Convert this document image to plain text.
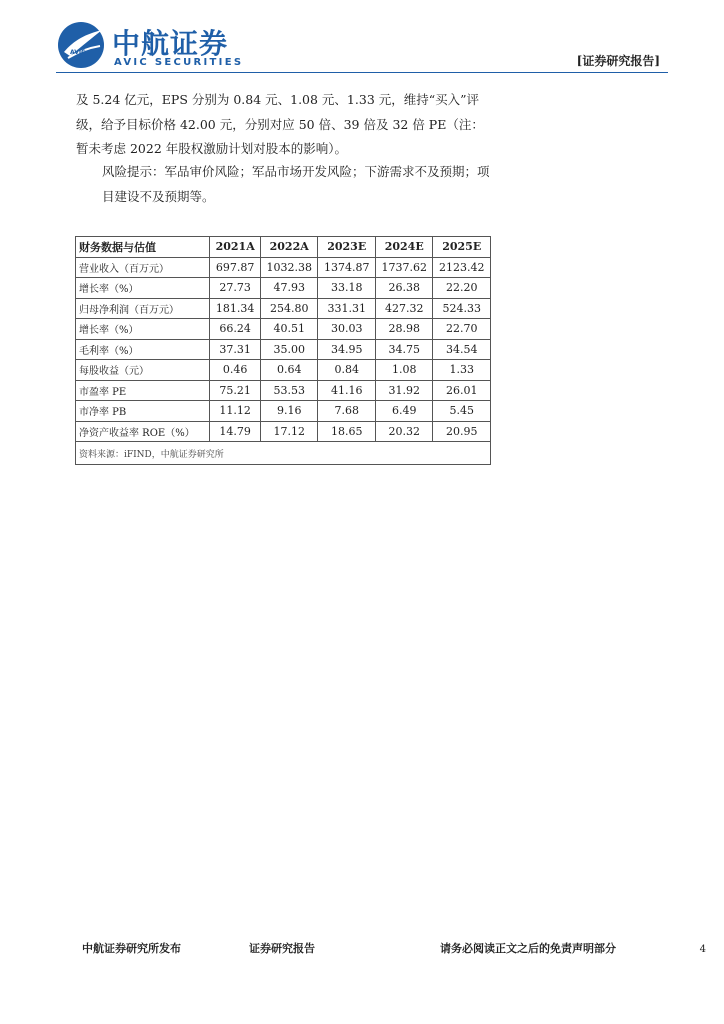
AVIC 中航证券
AVIC SECURITIES	[证券研究报告]
及 5.24 亿元，EPS 分别为 0.84 元、1.08 元、1.33 元，维持“买入”评级，给予目标价格 42.00 元，分别对应 50 倍、39 倍及 32 倍 PE（注：暂未考虑 2022 年股权激励计划对股本的影响）。
风险提示：军品审价风险；军品市场开发风险；下游需求不及预期；项目建设不及预期等。
财务数据与估值	2021A	2022A	2023E	2024E	2025E
营业收入（百万元）	697.87	1032.38	1374.87	1737.62	2123.42
增长率（%）	27.73	47.93	33.18	26.38	22.20
归母净利润（百万元）	181.34	254.80	331.31	427.32	524.33
增长率（%）	66.24	40.51	30.03	28.98	22.70
毛利率（%）	37.31	35.00	34.95	34.75	34.54
每股收益（元）	0.46	0.64	0.84	1.08	1.33
市盈率 PE	75.21	53.53	41.16	31.92	26.01
市净率 PB	11.12	9.16	7.68	6.49	5.45
净资产收益率 ROE（%）	14.79	17.12	18.65	20.32	20.95
资料来源：iFIND，中航证券研究所					
中航证券研究所发布	证券研究报告	请务必阅读正文之后的免责声明部分	4
